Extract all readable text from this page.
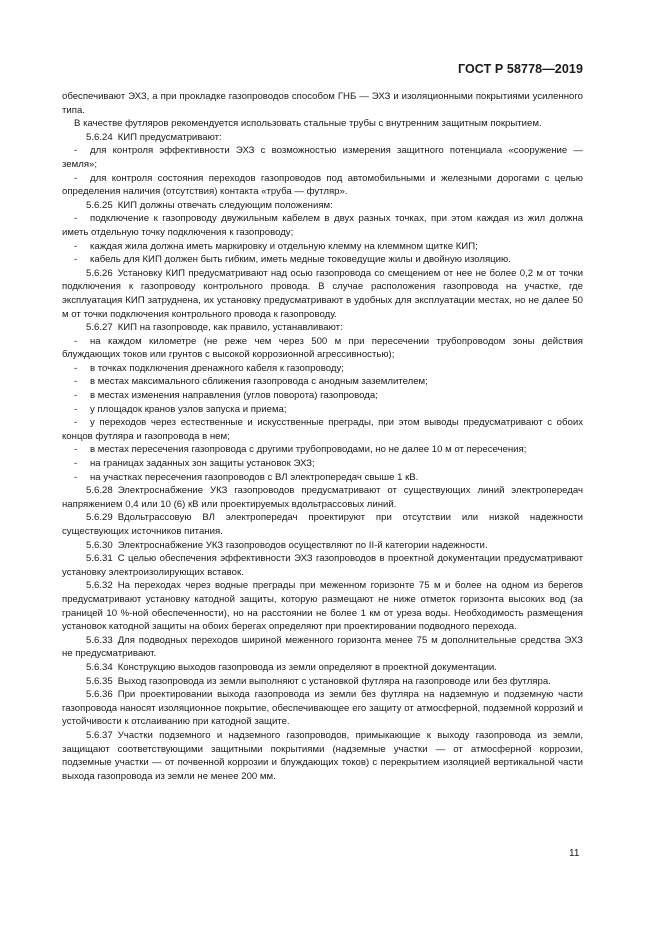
ГОСТ Р 58778—2019

обеспечивают ЭХЗ, а при прокладке газопроводов способом ГНБ — ЭХЗ и изоляционными покрытиями усиленного типа.

В качестве футляров рекомендуется использовать стальные трубы с внутренним защитным покрытием.

5.6.24 КИП предусматривают:

- для контроля эффективности ЭХЗ с возможностью измерения защитного потенциала «сооружение — земля»;

- для контроля состояния переходов газопроводов под автомобильными и железными дорогами с целью определения наличия (отсутствия) контакта «труба — футляр».

5.6.25 КИП должны отвечать следующим положениям:

- подключение к газопроводу двужильным кабелем в двух разных точках, при этом каждая из жил должна иметь отдельную точку подключения к газопроводу;

- каждая жила должна иметь маркировку и отдельную клемму на клеммном щитке КИП;

- кабель для КИП должен быть гибким, иметь медные токоведущие жилы и двойную изоляцию.

5.6.26 Установку КИП предусматривают над осью газопровода со смещением от нее не более 0,2 м от точки подключения к газопроводу контрольного провода. В случае расположения газопровода на участке, где эксплуатация КИП затруднена, их установку предусматривают в удобных для эксплуатации местах, но не далее 50 м от точки подключения контрольного провода к газопроводу.

5.6.27 КИП на газопроводе, как правило, устанавливают:

- на каждом километре (не реже чем через 500 м при пересечении трубопроводом зоны действия блуждающих токов или грунтов с высокой коррозионной агрессивностью);

- в точках подключения дренажного кабеля к газопроводу;

- в местах максимального сближения газопровода с анодным заземлителем;

- в местах изменения направления (углов поворота) газопровода;

- у площадок кранов узлов запуска и приема;

- у переходов через естественные и искусственные преграды, при этом выводы предусматривают с обоих концов футляра и газопровода в нем;

- в местах пересечения газопровода с другими трубопроводами, но не далее 10 м от пересечения;

- на границах заданных зон защиты установок ЭХЗ;

- на участках пересечения газопроводов с ВЛ электропередач свыше 1 кВ.

5.6.28 Электроснабжение УКЗ газопроводов предусматривают от существующих линий электропередач напряжением 0,4 или 10 (6) кВ или проектируемых вдольтрассовых линий.

5.6.29 Вдольтрассовую ВЛ электропередач проектируют при отсутствии или низкой надежности существующих источников питания.

5.6.30 Электроснабжение УКЗ газопроводов осуществляют по II-й категории надежности.

5.6.31 С целью обеспечения эффективности ЭХЗ газопроводов в проектной документации предусматривают установку электроизолирующих вставок.

5.6.32 На переходах через водные преграды при меженном горизонте 75 м и более на одном из берегов предусматривают установку катодной защиты, которую размещают не ниже отметок горизонта высоких вод (за границей 10 %-ной обеспеченности), но на расстоянии не более 1 км от уреза воды. Необходимость размещения установок катодной защиты на обоих берегах определяют при проектировании подводного перехода.

5.6.33 Для подводных переходов шириной меженного горизонта менее 75 м дополнительные средства ЭХЗ не предусматривают.

5.6.34 Конструкцию выходов газопровода из земли определяют в проектной документации.

5.6.35 Выход газопровода из земли выполняют с установкой футляра на газопроводе или без футляра.

5.6.36 При проектировании выхода газопровода из земли без футляра на надземную и подземную части газопровода наносят изоляционное покрытие, обеспечивающее его защиту от атмосферной, подземной коррозий и устойчивости к отслаиванию при катодной защите.

5.6.37 Участки подземного и надземного газопроводов, примыкающие к выходу газопровода из земли, защищают соответствующими защитными покрытиями (надземные участки — от атмосферной коррозии, подземные участки — от почвенной коррозии и блуждающих токов) с перекрытием изоляцией вертикальной части выхода газопровода из земли не менее 200 мм.

11
